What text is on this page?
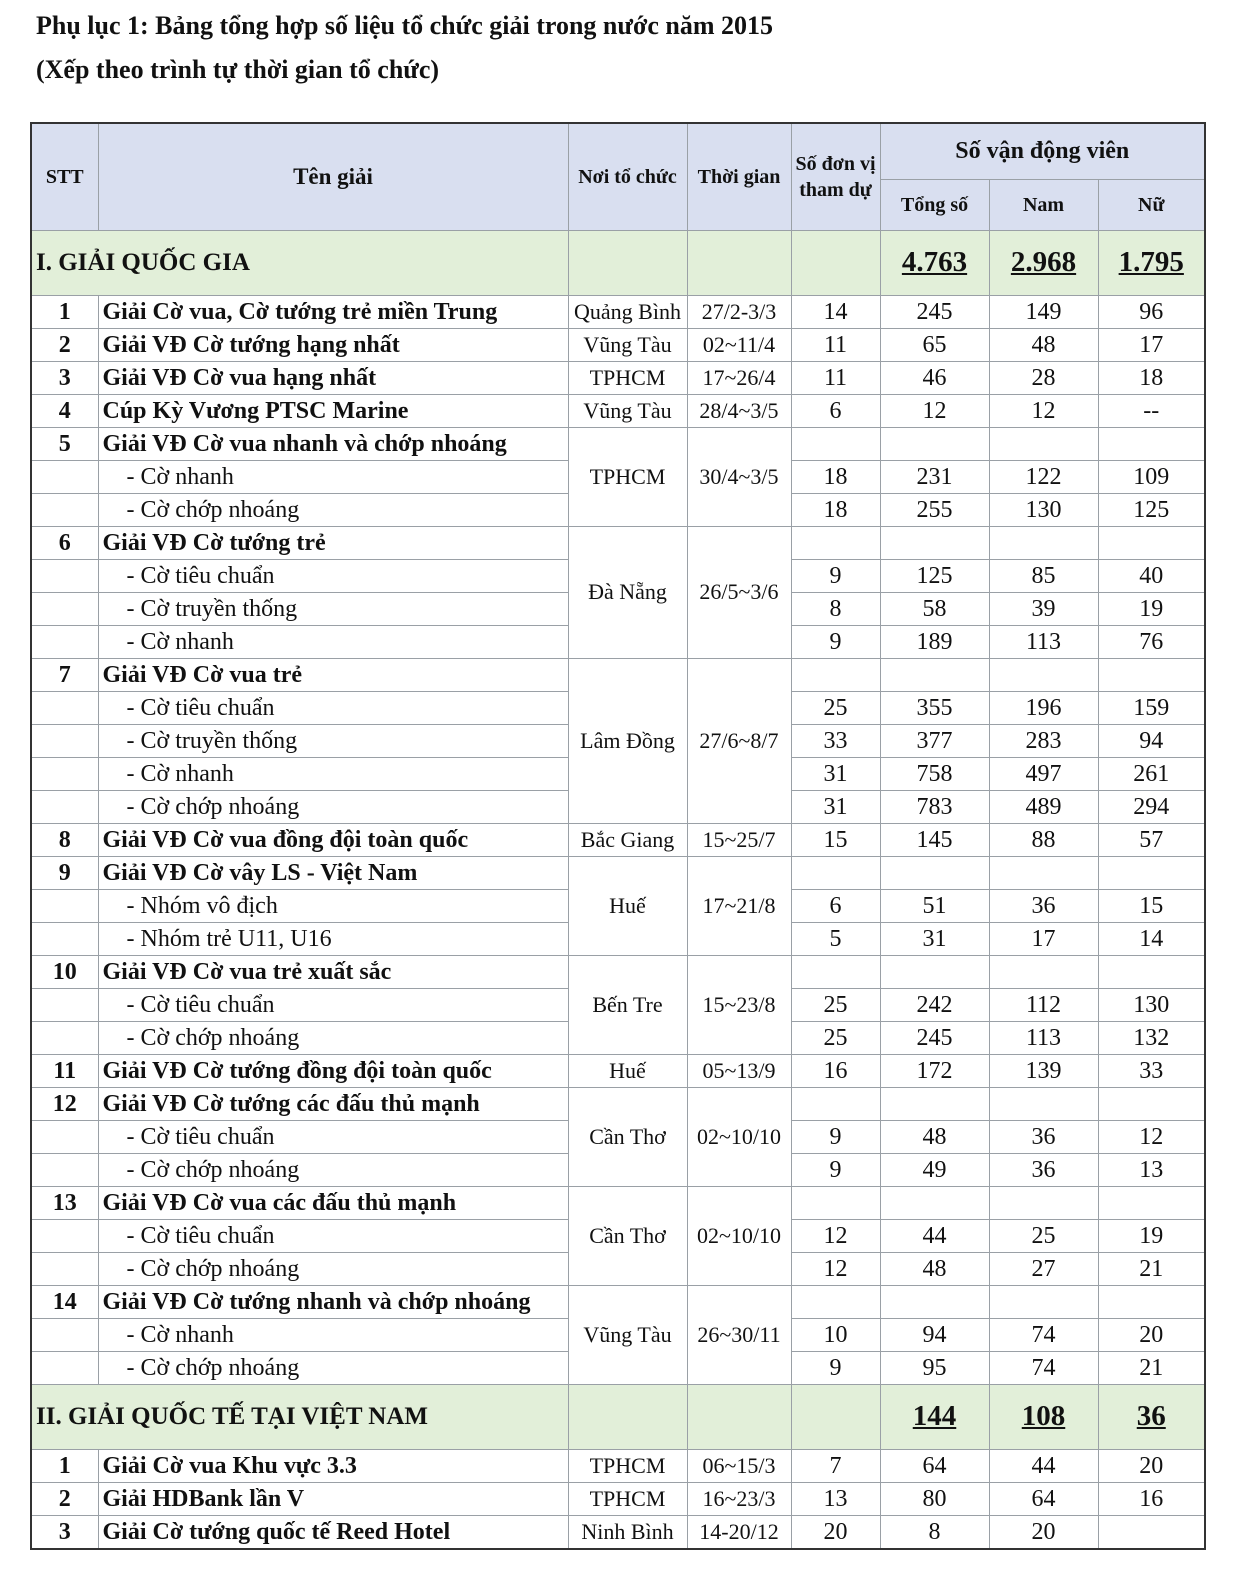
Phụ lục 1: Bảng tổng hợp số liệu tổ chức giải trong nước năm 2015
(Xếp theo trình tự thời gian tổ chức)
STT	Tên giải	Nơi tổ chức	Thời gian	Số đơn vị tham dự	Số vận động viên		
					Tổng số	Nam	Nữ
I. GIẢI QUỐC GIA					4.763	2.968	1.795
1	Giải Cờ vua, Cờ tướng trẻ miền Trung	Quảng Bình	27/2-3/3	14	245	149	96
2	Giải VĐ Cờ tướng hạng nhất	Vũng Tàu	02~11/4	11	65	48	17
3	Giải VĐ Cờ vua hạng nhất	TPHCM	17~26/4	11	46	28	18
4	Cúp Kỳ Vương PTSC Marine	Vũng Tàu	28/4~3/5	6	12	12	--
5	Giải VĐ Cờ vua nhanh và chớp nhoáng	TPHCM	30/4~3/5				
	- Cờ nhanh			18	231	122	109
	- Cờ chớp nhoáng			18	255	130	125
6	Giải VĐ Cờ tướng trẻ	Đà Nẵng	26/5~3/6				
	- Cờ tiêu chuẩn			9	125	85	40
	- Cờ truyền thống			8	58	39	19
	- Cờ nhanh			9	189	113	76
7	Giải VĐ Cờ vua trẻ	Lâm Đồng	27/6~8/7				
	- Cờ tiêu chuẩn			25	355	196	159
	- Cờ truyền thống			33	377	283	94
	- Cờ nhanh			31	758	497	261
	- Cờ chớp nhoáng			31	783	489	294
8	Giải VĐ Cờ vua đồng đội toàn quốc	Bắc Giang	15~25/7	15	145	88	57
9	Giải VĐ Cờ vây LS - Việt Nam	Huế	17~21/8				
	- Nhóm vô địch			6	51	36	15
	- Nhóm trẻ U11, U16			5	31	17	14
10	Giải VĐ Cờ vua trẻ xuất sắc	Bến Tre	15~23/8				
	- Cờ tiêu chuẩn			25	242	112	130
	- Cờ chớp nhoáng			25	245	113	132
11	Giải VĐ Cờ tướng đồng đội toàn quốc	Huế	05~13/9	16	172	139	33
12	Giải VĐ Cờ tướng các đấu thủ mạnh	Cần Thơ	02~10/10				
	- Cờ tiêu chuẩn			9	48	36	12
	- Cờ chớp nhoáng			9	49	36	13
13	Giải VĐ Cờ vua các đấu thủ mạnh	Cần Thơ	02~10/10				
	- Cờ tiêu chuẩn			12	44	25	19
	- Cờ chớp nhoáng			12	48	27	21
14	Giải VĐ Cờ tướng nhanh và chớp nhoáng	Vũng Tàu	26~30/11				
	- Cờ nhanh			10	94	74	20
	- Cờ chớp nhoáng			9	95	74	21
II. GIẢI QUỐC TẾ TẠI VIỆT NAM					144	108	36
1	Giải Cờ vua Khu vực 3.3	TPHCM	06~15/3	7	64	44	20
2	Giải HDBank lần V	TPHCM	16~23/3	13	80	64	16
3	Giải Cờ tướng quốc tế Reed Hotel	Ninh Bình	14-20/12	20	8	20	
